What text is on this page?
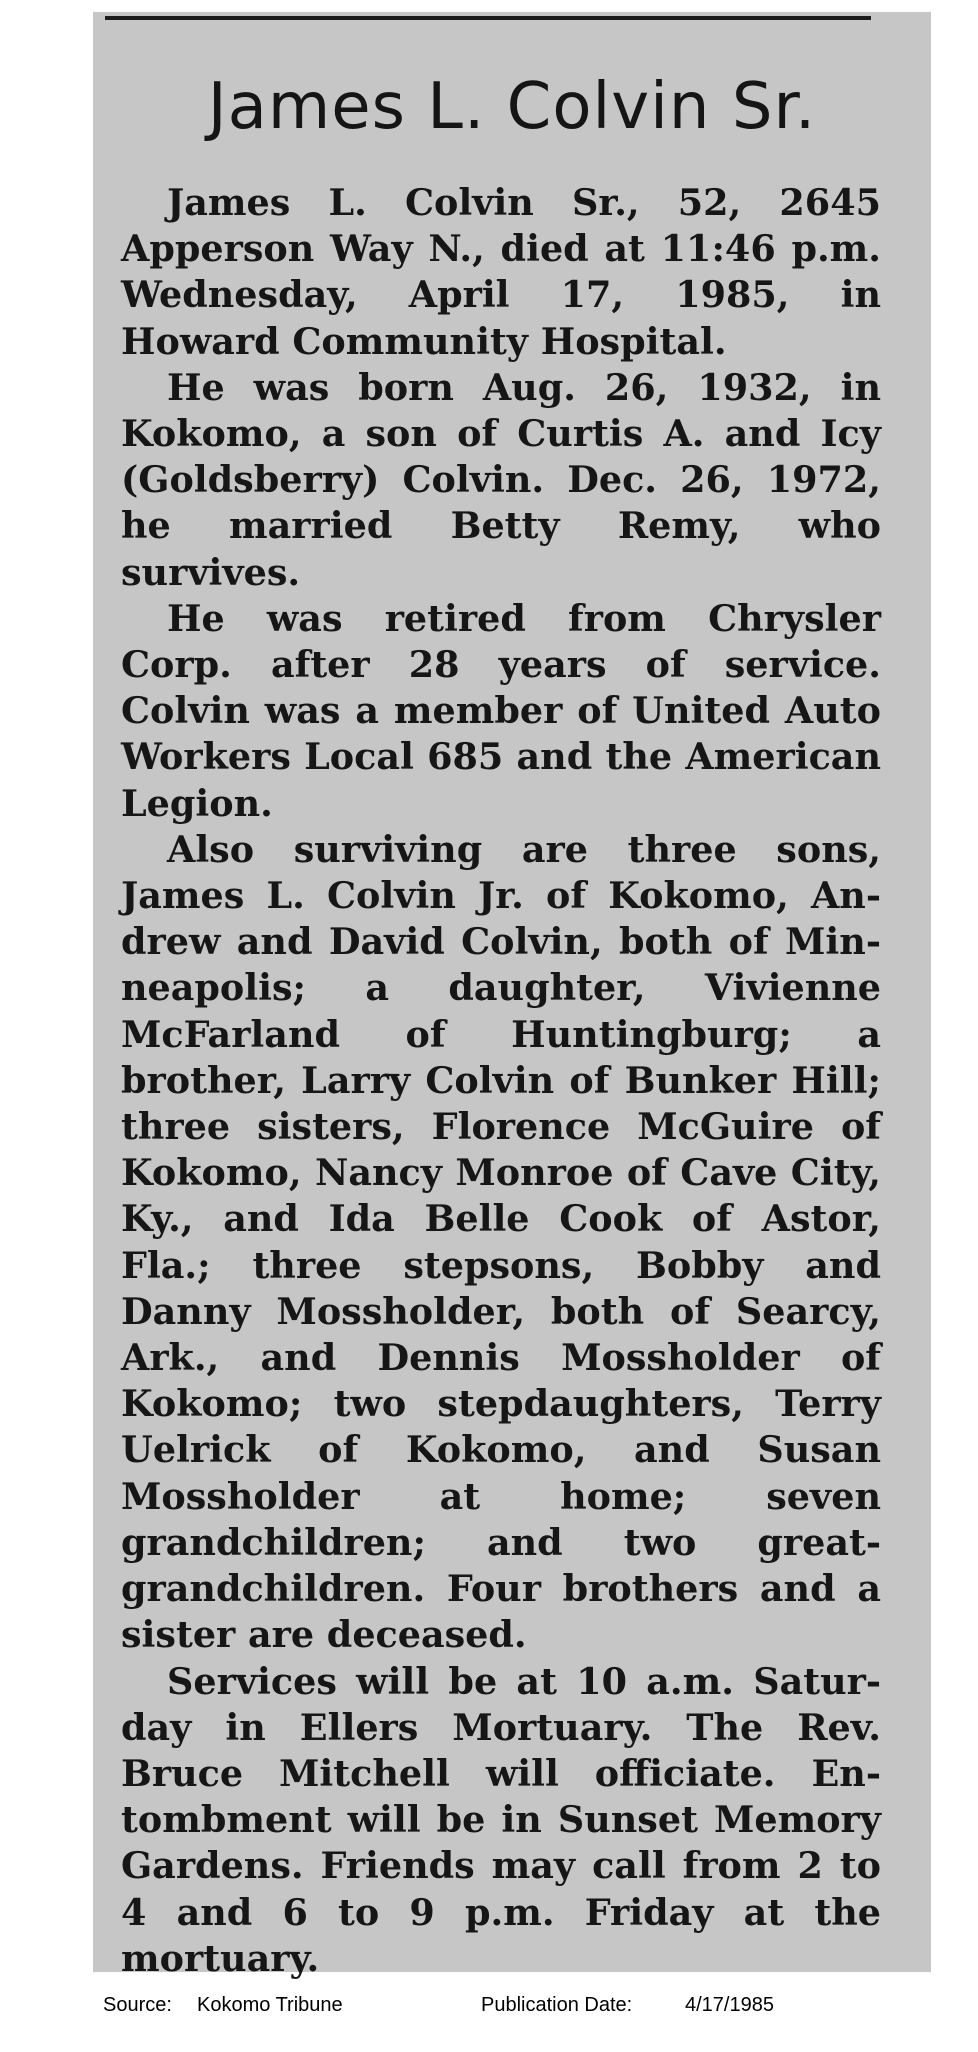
James L. Colvin Sr.

James L. Colvin Sr., 52, 2645 Apperson Way N., died at 11:46 p.m. Wednesday, April 17, 1985, in Howard Community Hospital.

He was born Aug. 26, 1932, in Kokomo, a son of Curtis A. and Icy (Goldsberry) Colvin. Dec. 26, 1972, he married Betty Remy, who survives.

He was retired from Chrysler Corp. after 28 years of service. Colvin was a member of United Auto Workers Local 685 and the American Legion.

Also surviving are three sons, James L. Colvin Jr. of Kokomo, Andrew and David Colvin, both of Minneapolis; a daughter, Vivienne McFarland of Huntingburg; a brother, Larry Colvin of Bunker Hill; three sisters, Florence McGuire of Kokomo, Nancy Monroe of Cave City, Ky., and Ida Belle Cook of Astor, Fla.; three stepsons, Bobby and Danny Mossholder, both of Searcy, Ark., and Dennis Mossholder of Kokomo; two stepdaughters, Terry Uelrick of Kokomo, and Susan Mossholder at home; seven grandchildren; and two great-grandchildren. Four brothers and a sister are deceased.

Services will be at 10 a.m. Saturday in Ellers Mortuary. The Rev. Bruce Mitchell will officiate. Entombment will be in Sunset Memory Gardens. Friends may call from 2 to 4 and 6 to 9 p.m. Friday at the mortuary.

Source: Kokomo Tribune	Publication Date:	4/17/1985
